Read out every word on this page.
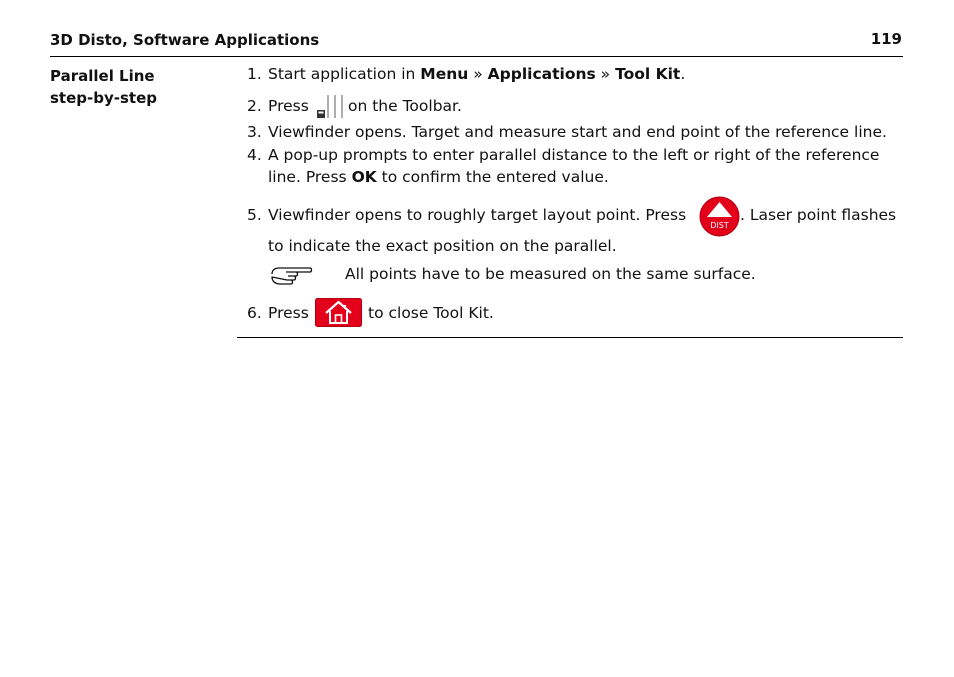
3D Disto, Software Applications	119
Parallel Line
step-by-step
1. Start application in Menu » Applications » Tool Kit.
2. Press	on the Toolbar.
3. Viewfinder opens. Target and measure start and end point of the reference line.
4. A pop-up prompts to enter parallel distance to the left or right of the reference
line. Press OK to confirm the entered value.
5. Viewfinder opens to roughly target layout point. Press
DIST
. Laser point flashes
to indicate the exact position on the parallel.
All points have to be measured on the same surface.
6. Press	to close Tool Kit.
